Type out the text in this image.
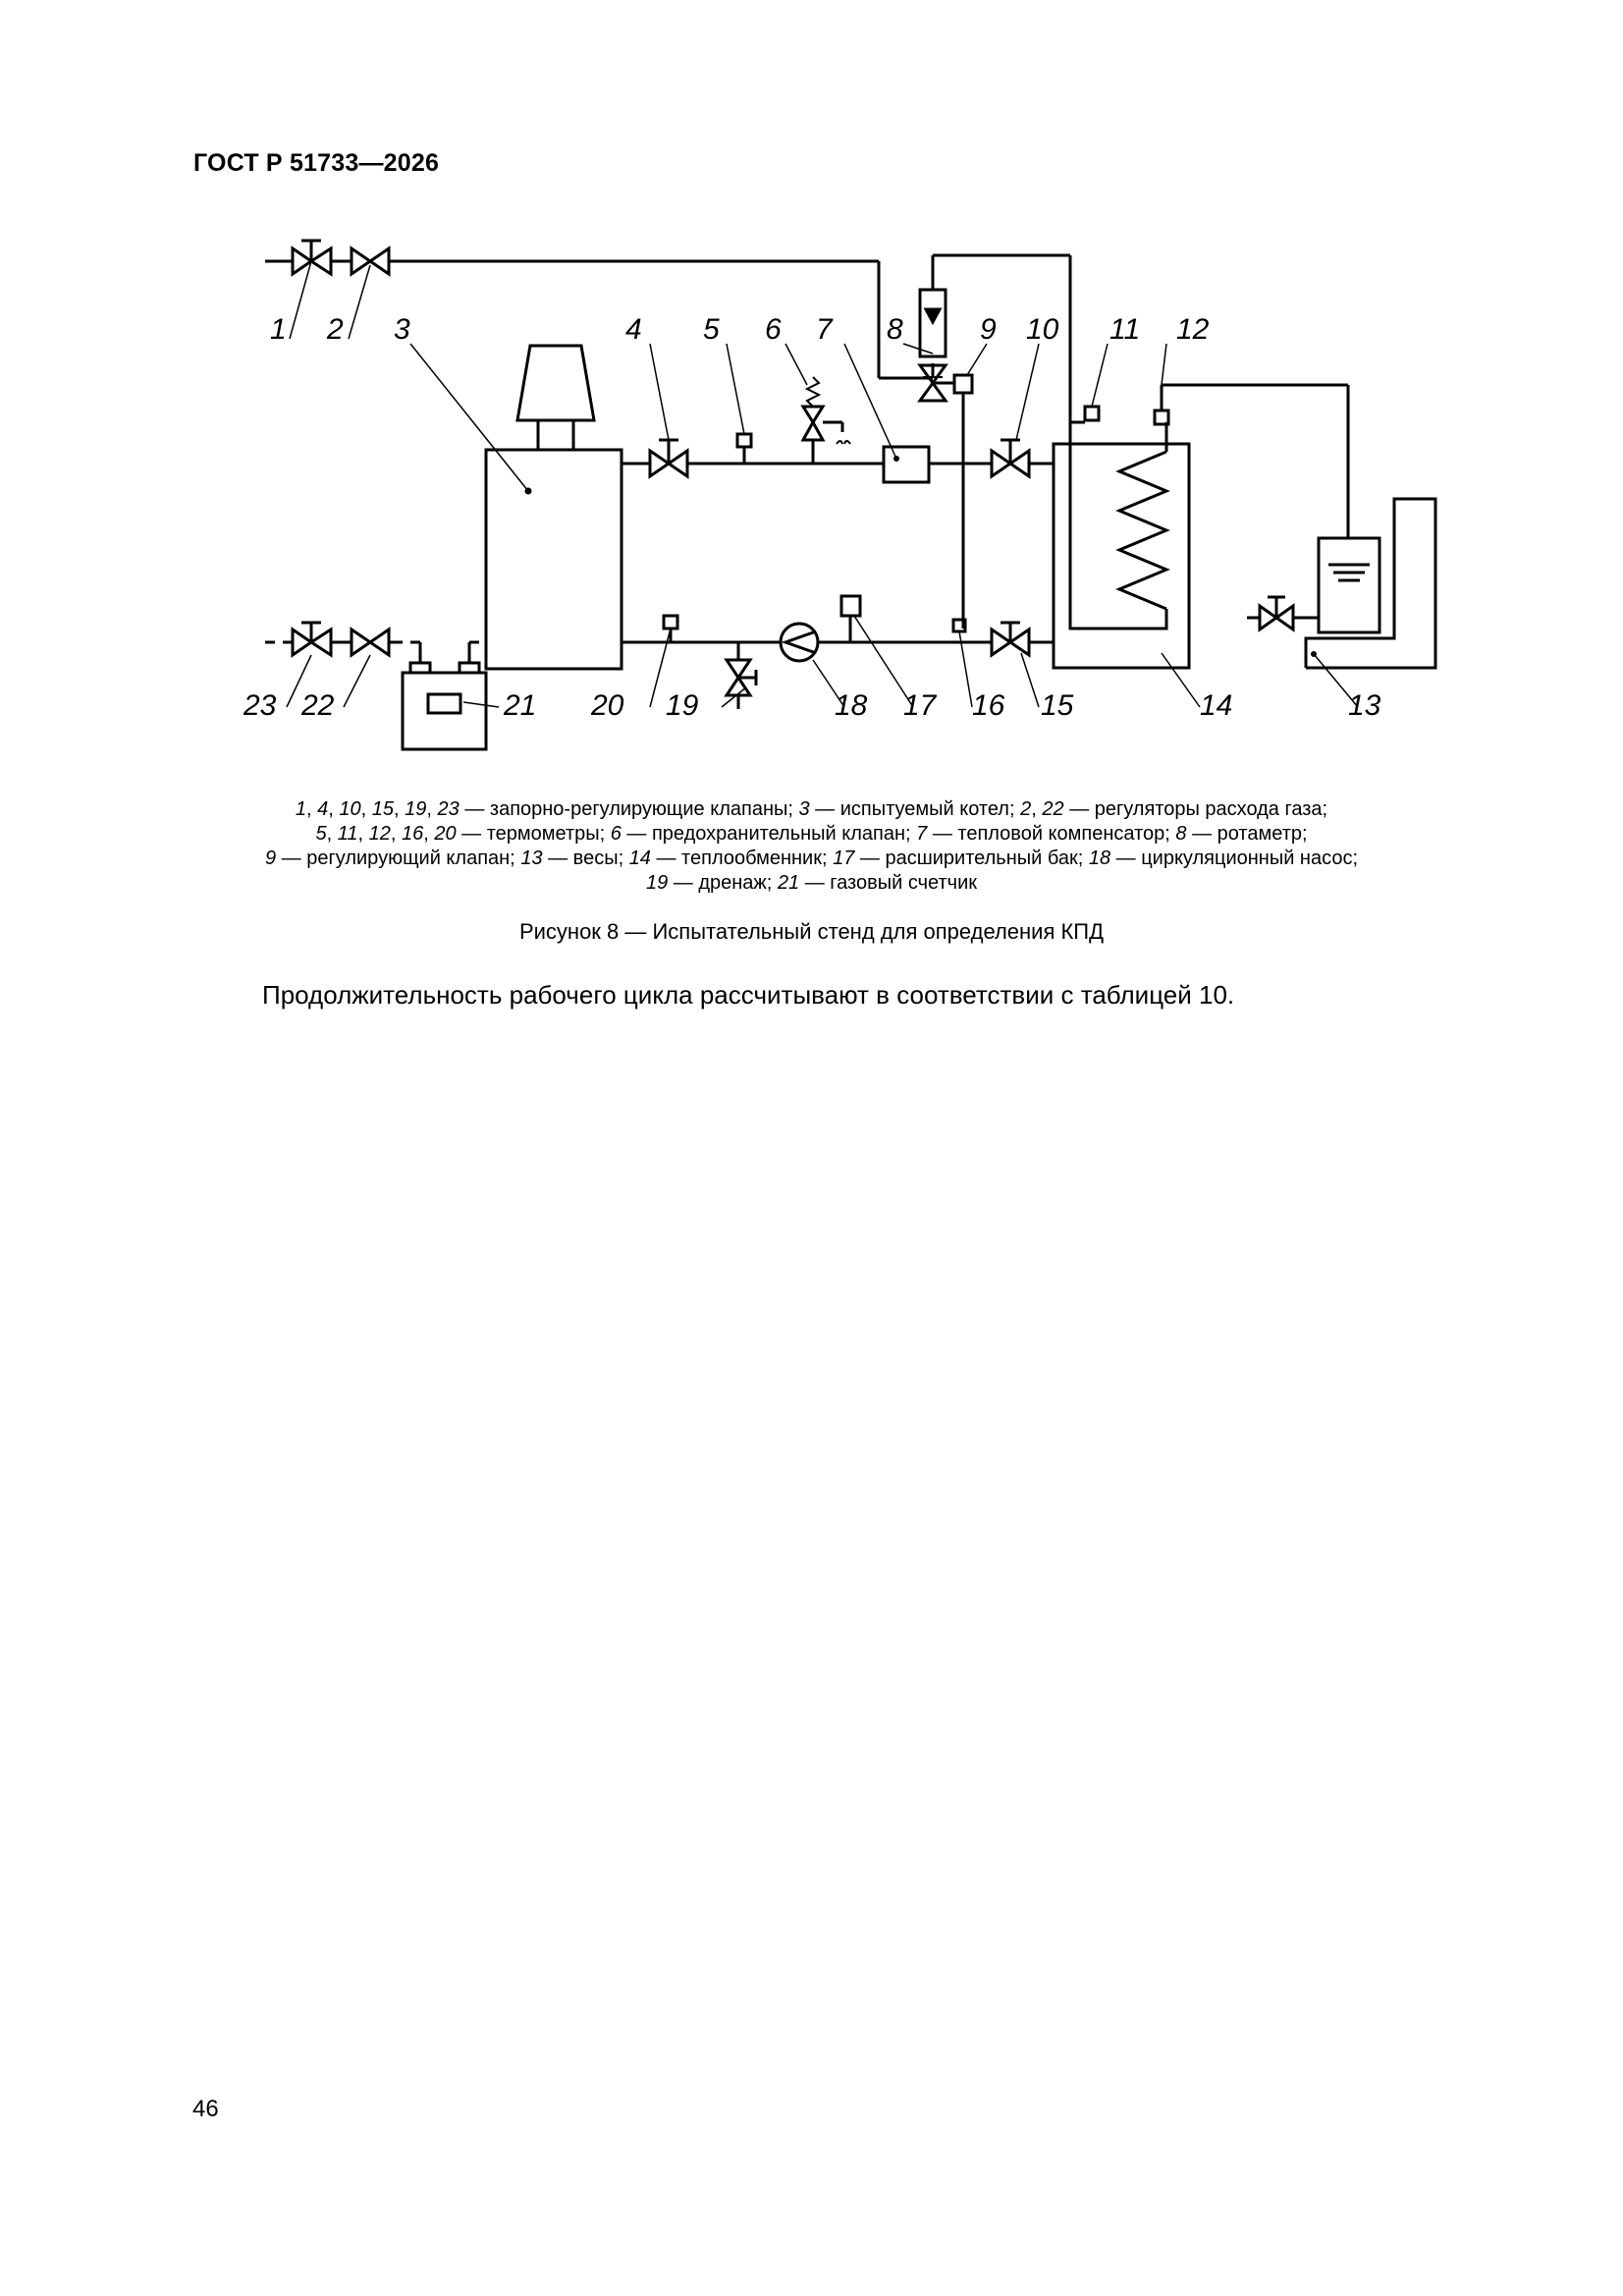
ГОСТ Р 51733—2026
1 2 3	4 5 6 7 8	9 10 11 12
13
14
15
16
17
18
19
20
21
22
23
1, 4, 10, 15, 19, 23 — запорно-регулирующие клапаны; 3 — испытуемый котел; 2, 22 — регуляторы расхода газа;
5, 11, 12, 16, 20 — термометры; 6 — предохранительный клапан; 7 — тепловой компенсатор; 8 — ротаметр;
9 — регулирующий клапан; 13 — весы; 14 — теплообменник; 17 — расширительный бак; 18 — циркуляционный насос;
19 — дренаж; 21 — газовый счетчик
Рисунок 8 — Испытательный стенд для определения КПД
Продолжительность рабочего цикла рассчитывают в соответствии с таблицей 10.
46
